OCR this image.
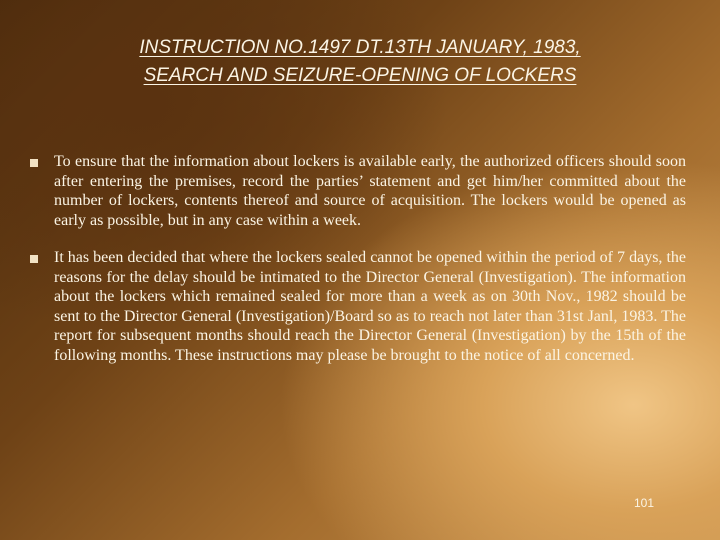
INSTRUCTION NO.1497 DT.13TH JANUARY, 1983,
SEARCH AND SEIZURE-OPENING OF LOCKERS
To ensure that the information about lockers is available early, the authorized officers should soon after entering the premises, record the parties’ statement and get him/her committed about the number of lockers, contents thereof and source of acquisition. The lockers would be opened as early as possible, but in any case within a week.
It has been decided that where the lockers sealed cannot be opened within the period of 7 days, the reasons for the delay should be intimated to the Director General (Investigation). The information about the lockers which remained sealed for more than a week as on 30th Nov., 1982 should be sent to the Director General (Investigation)/Board so as to reach not later than 31st Janl, 1983. The report for subsequent months should reach the Director General (Investigation) by the 15th of the following months. These instructions may please be brought to the notice of all concerned.
101
